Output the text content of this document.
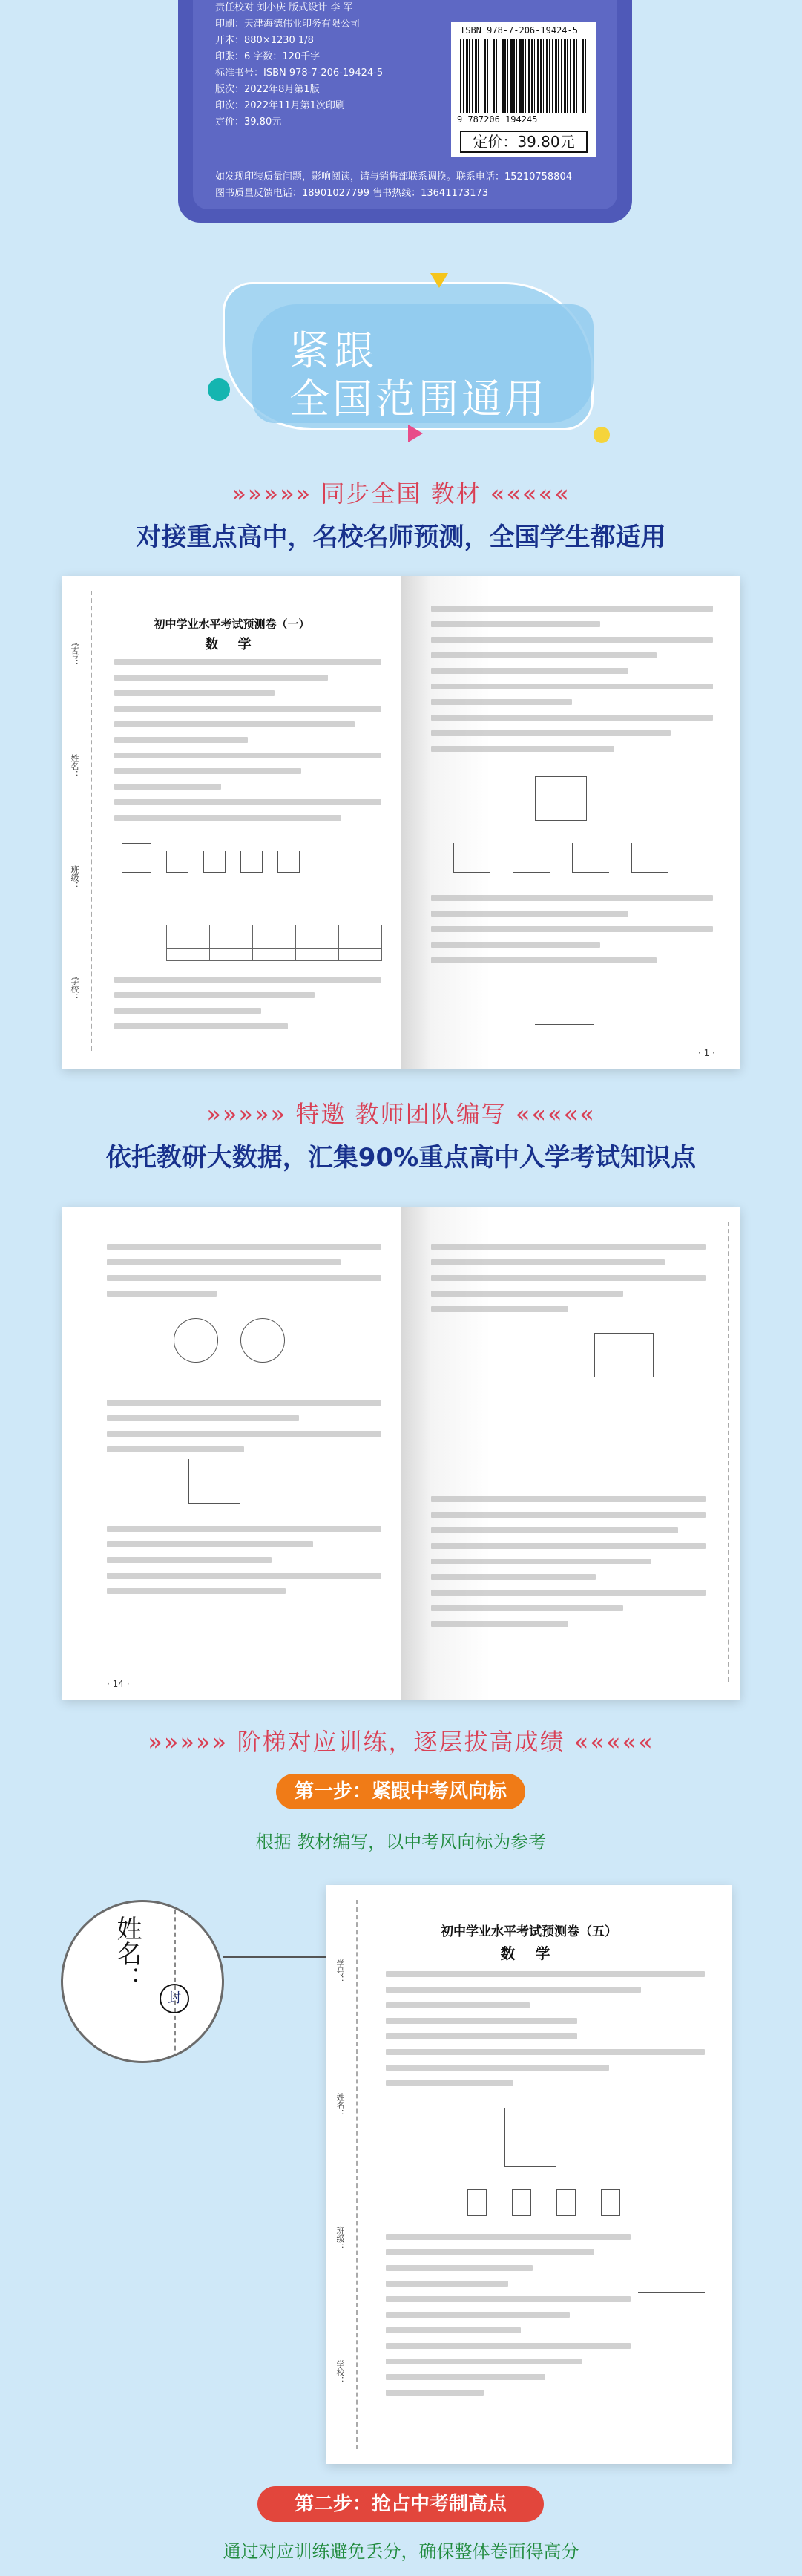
责任校对 刘小庆 版式设计 李 军
印刷：天津海德伟业印务有限公司
开本：880×1230 1/8
印张：6 字数：120千字
标准书号：ISBN 978-7-206-19424-5
版次：2022年8月第1版
印次：2022年11月第1次印刷
定价：39.80元
ISBN 978-7-206-19424-5
9 787206 194245
定价：39.80元
如发现印装质量问题，影响阅读，请与销售部联系调换。联系电话：15210758804
图书质量反馈电话：18901027799 售书热线：13641173173
紧跟
全国范围通用
»»»»» 同步全国 教材 «««««
对接重点高中，名校名师预测，全国学生都适用
学号：
姓名：
班级：
学校：
初中学业水平考试预测卷（一）
数 学

· 1 ·
»»»»» 特邀 教师团队编写 «««««
依托教研大数据，汇集90%重点高中入学考试知识点
· 14 ·
»»»»» 阶梯对应训练，逐层拔高成绩 «««««
第一步：紧跟中考风向标
根据 教材编写，以中考风向标为参考
姓名：
封
学号：
姓名：
班级：
学校：
初中学业水平考试预测卷（五）
数 学
第二步：抢占中考制高点
通过对应训练避免丢分，确保整体卷面得高分
